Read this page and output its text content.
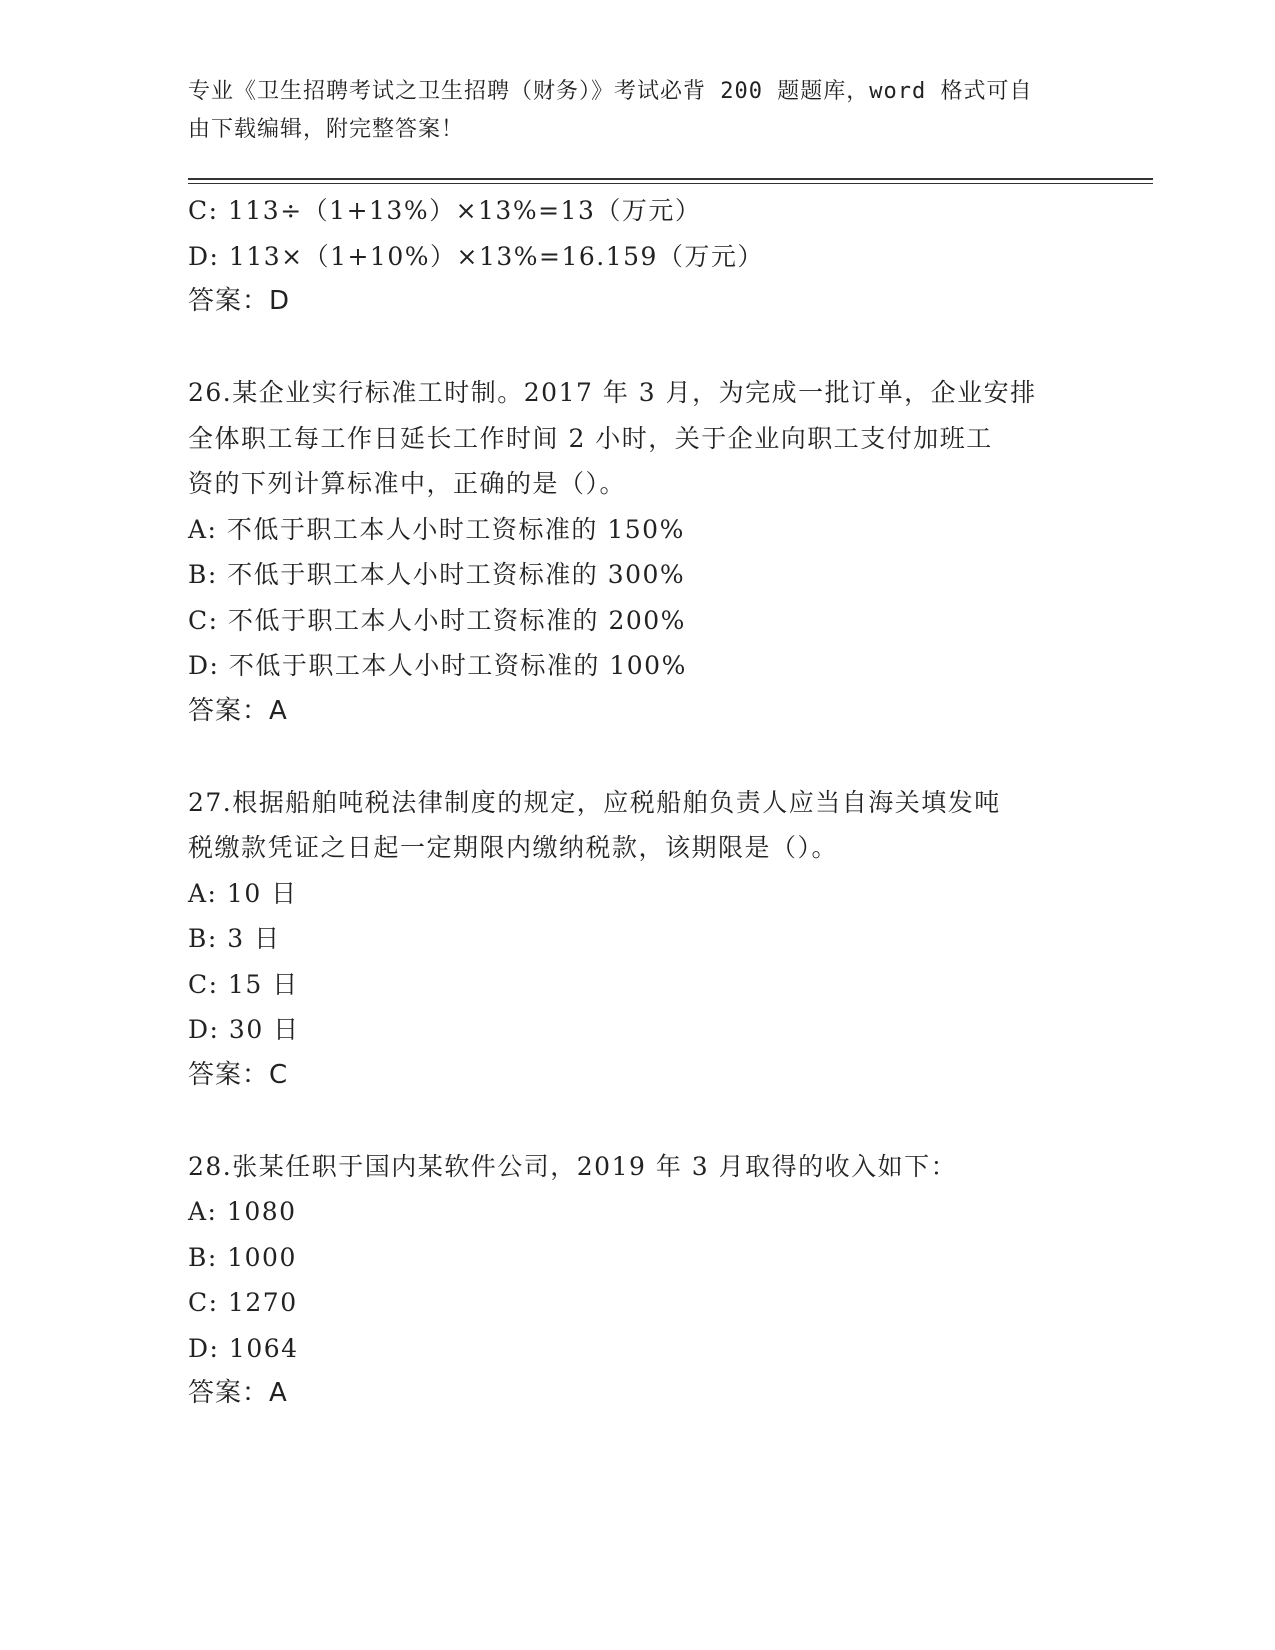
专业《卫生招聘考试之卫生招聘（财务）》考试必背 200 题题库，word 格式可自
由下载编辑，附完整答案！
C: 113÷（1+13%）×13%=13（万元）
D: 113×（1+10%）×13%=16.159（万元）
答案：D
26.某企业实行标准工时制。2017 年 3 月，为完成一批订单，企业安排
全体职工每工作日延长工作时间 2 小时，关于企业向职工支付加班工
资的下列计算标准中，正确的是（）。
A: 不低于职工本人小时工资标准的 150%
B: 不低于职工本人小时工资标准的 300%
C: 不低于职工本人小时工资标准的 200%
D: 不低于职工本人小时工资标准的 100%
答案：A
27.根据船舶吨税法律制度的规定，应税船舶负责人应当自海关填发吨
税缴款凭证之日起一定期限内缴纳税款，该期限是（）。
A: 10 日
B: 3 日
C: 15 日
D: 30 日
答案：C
28.张某任职于国内某软件公司，2019 年 3 月取得的收入如下：
A: 1080
B: 1000
C: 1270
D: 1064
答案：A
